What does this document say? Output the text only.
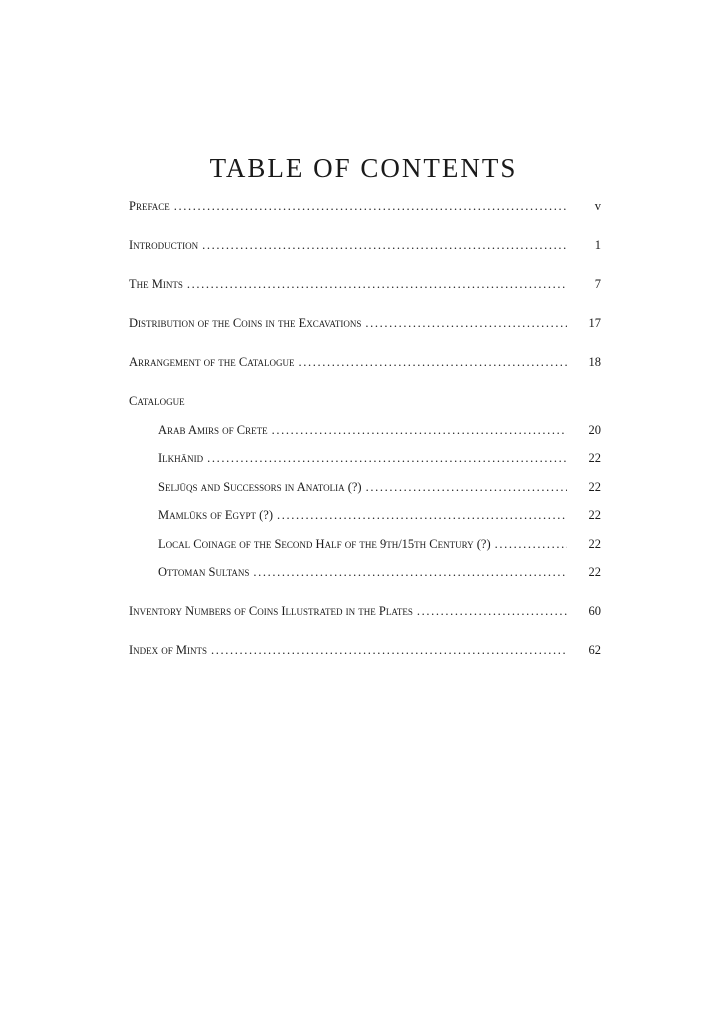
TABLE OF CONTENTS
Preface . . .	v
Introduction . . .	1
The Mints . . .	7
Distribution of the Coins in the Excavations . . .	17
Arrangement of the Catalogue . . .	18
Catalogue
Arab Amirs of Crete . . .	20
Ilkhānid . . .	22
Seljūqs and Successors in Anatolia (?) . . .	22
Mamlūks of Egypt (?) . . .	22
Local Coinage of the Second Half of the 9th/15th Century (?) . . .	22
Ottoman Sultans . . .	22
Inventory Numbers of Coins Illustrated in the Plates . . .	60
Index of Mints . . .	62
